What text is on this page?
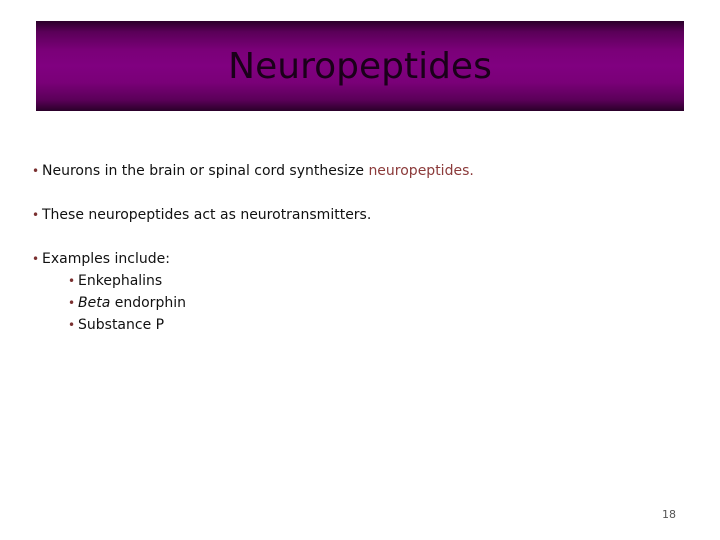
Neuropeptides
• Neurons in the brain or spinal cord synthesize neuropeptides.
• These neuropeptides act as neurotransmitters.
• Examples include:
• Enkephalins
• Beta endorphin
• Substance P
18
